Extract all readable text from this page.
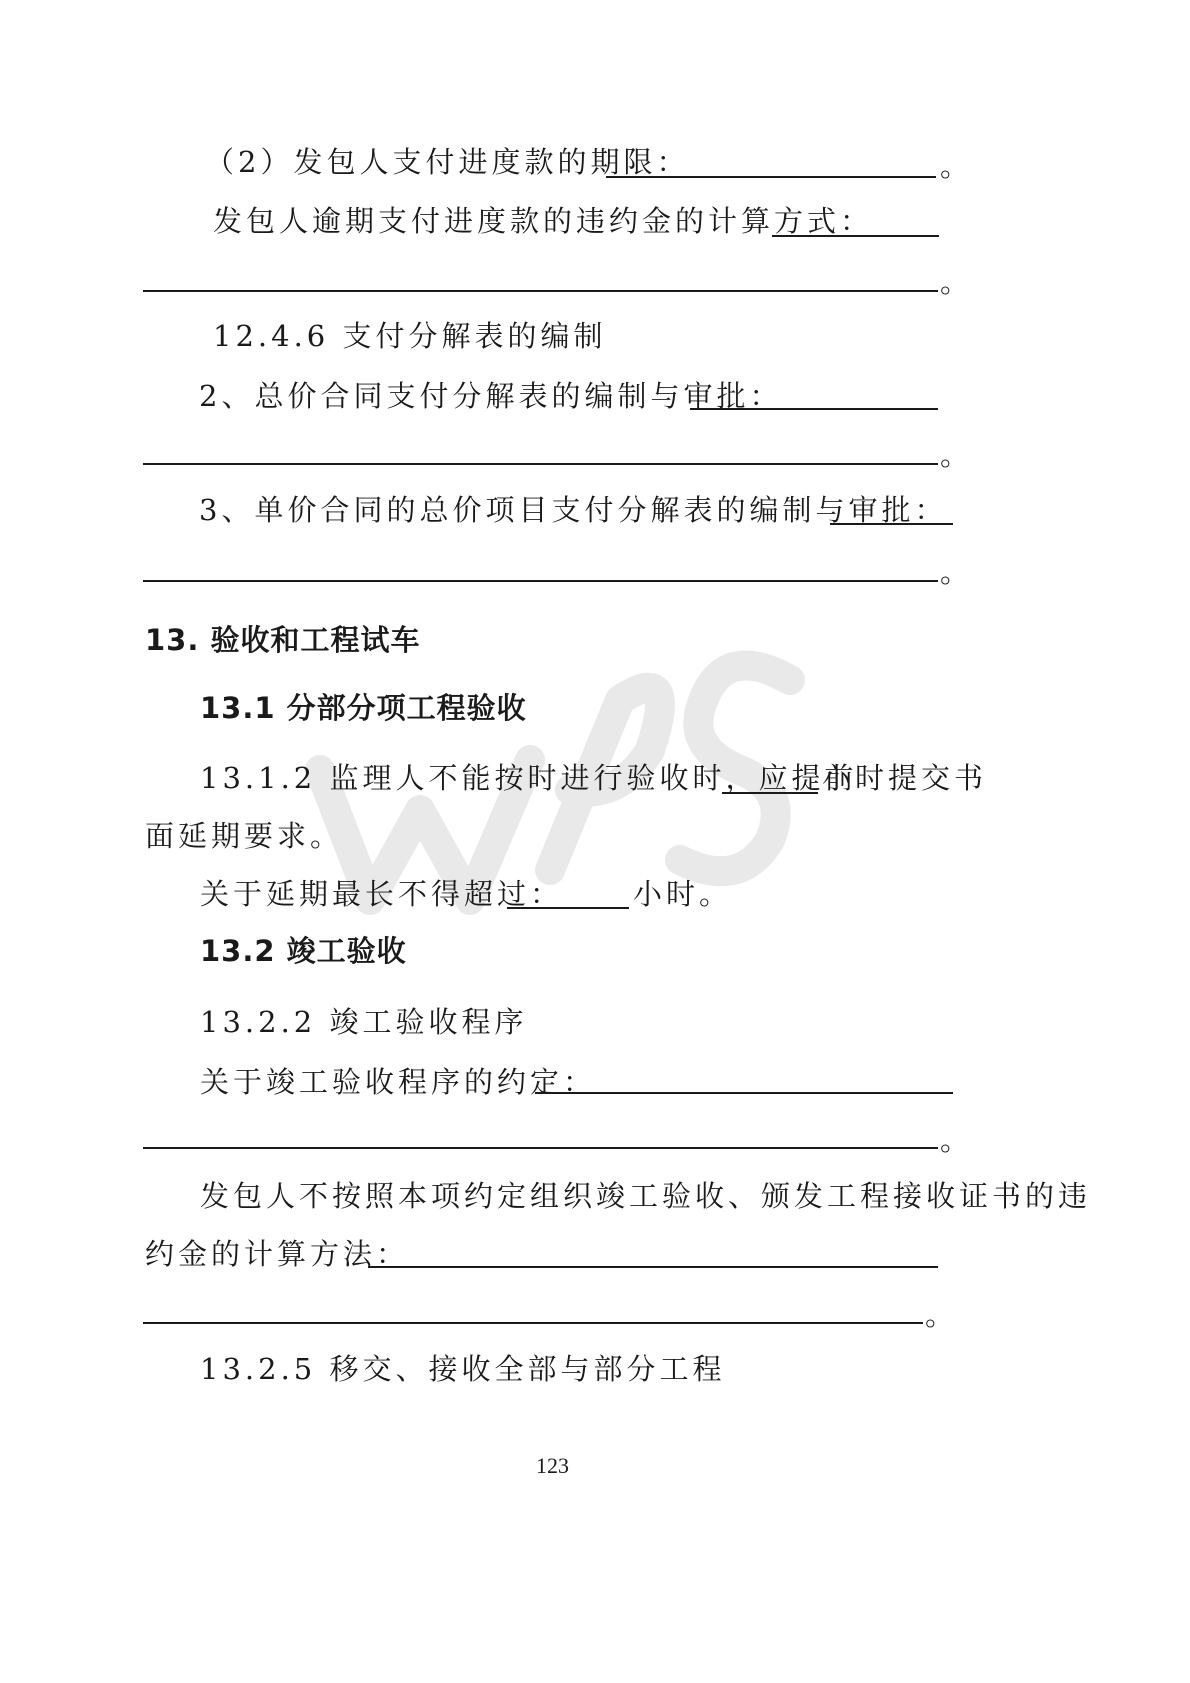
（2）发包人支付进度款的期限：	。
发包人逾期支付进度款的违约金的计算方式：
。
12.4.6 支付分解表的编制
2、总价合同支付分解表的编制与审批：
。
3、单价合同的总价项目支付分解表的编制与审批：
。
13. 验收和工程试车
13.1 分部分项工程验收
13.1.2 监理人不能按时进行验收时，应提前
小时提交书
面延期要求。
关于延期最长不得超过： 小时。
13.2 竣工验收
13.2.2 竣工验收程序
关于竣工验收程序的约定：
。
发包人不按照本项约定组织竣工验收、颁发工程接收证书的违
约金的计算方法：
。
13.2.5 移交、接收全部与部分工程
123
